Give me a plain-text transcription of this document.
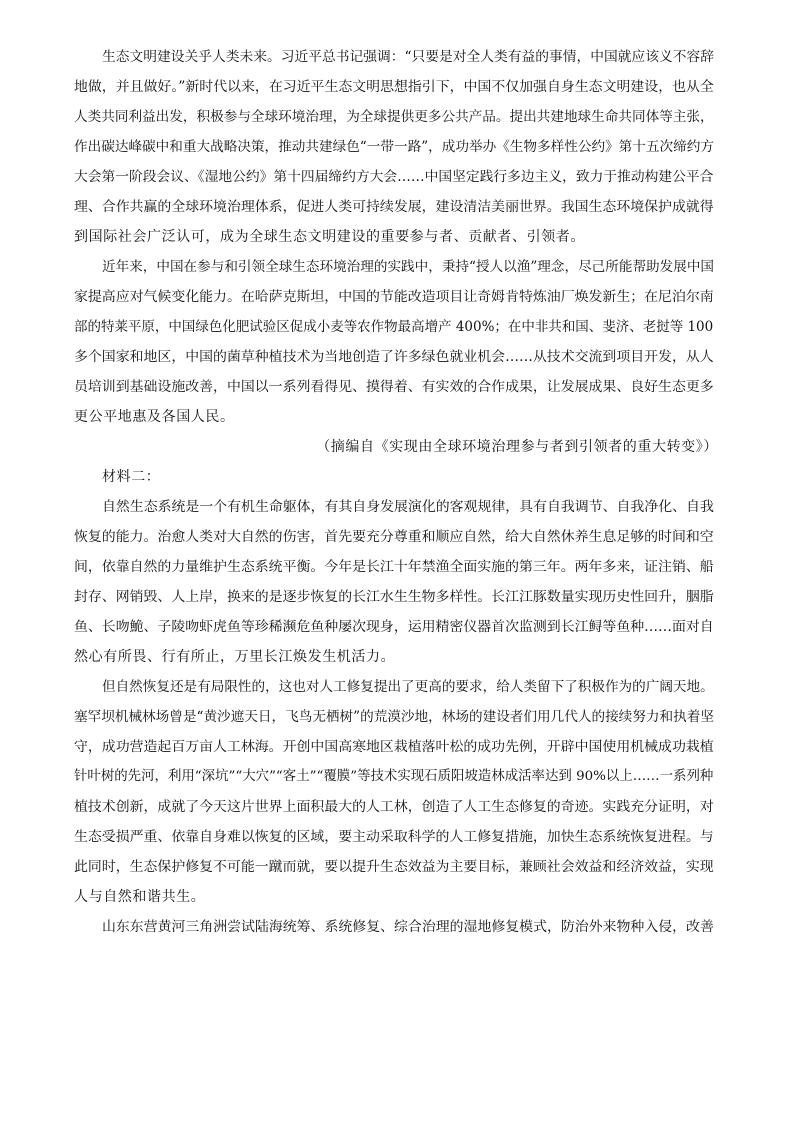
生态文明建设关乎人类未来。习近平总书记强调：“只要是对全人类有益的事情，中国就应该义不容辞
地做，并且做好。”新时代以来，在习近平生态文明思想指引下，中国不仅加强自身生态文明建设，也从全
人类共同利益出发，积极参与全球环境治理，为全球提供更多公共产品。提出共建地球生命共同体等主张，
作出碳达峰碳中和重大战略决策，推动共建绿色“一带一路”，成功举办《生物多样性公约》第十五次缔约方
大会第一阶段会议、《湿地公约》第十四届缔约方大会……中国坚定践行多边主义，致力于推动构建公平合
理、合作共赢的全球环境治理体系，促进人类可持续发展，建设清洁美丽世界。我国生态环境保护成就得
到国际社会广泛认可，成为全球生态文明建设的重要参与者、贡献者、引领者。
近年来，中国在参与和引领全球生态环境治理的实践中，秉持“授人以渔”理念，尽己所能帮助发展中国
家提高应对气候变化能力。在哈萨克斯坦，中国的节能改造项目让奇姆肯特炼油厂焕发新生；在尼泊尔南
部的特莱平原，中国绿色化肥试验区促成小麦等农作物最高增产 400%；在中非共和国、斐济、老挝等 100
多个国家和地区，中国的菌草种植技术为当地创造了许多绿色就业机会……从技术交流到项目开发，从人
员培训到基础设施改善，中国以一系列看得见、摸得着、有实效的合作成果，让发展成果、良好生态更多
更公平地惠及各国人民。
（摘编自《实现由全球环境治理参与者到引领者的重大转变》）
材料二：
自然生态系统是一个有机生命躯体，有其自身发展演化的客观规律，具有自我调节、自我净化、自我
恢复的能力。治愈人类对大自然的伤害，首先要充分尊重和顺应自然，给大自然休养生息足够的时间和空
间，依靠自然的力量维护生态系统平衡。今年是长江十年禁渔全面实施的第三年。两年多来，证注销、船
封存、网销毁、人上岸，换来的是逐步恢复的长江水生生物多样性。长江江豚数量实现历史性回升，胭脂
鱼、长吻鮠、子陵吻虾虎鱼等珍稀濒危鱼种屡次现身，运用精密仪器首次监测到长江鲟等鱼种……面对自
然心有所畏、行有所止，万里长江焕发生机活力。
但自然恢复还是有局限性的，这也对人工修复提出了更高的要求，给人类留下了积极作为的广阔天地。
塞罕坝机械林场曾是“黄沙遮天日，飞鸟无栖树”的荒漠沙地，林场的建设者们用几代人的接续努力和执着坚
守，成功营造起百万亩人工林海。开创中国高寒地区栽植落叶松的成功先例，开辟中国使用机械成功栽植
针叶树的先河，利用“深坑”“大穴”“客土”“覆膜”等技术实现石质阳坡造林成活率达到 90%以上……一系列种
植技术创新，成就了今天这片世界上面积最大的人工林，创造了人工生态修复的奇迹。实践充分证明，对
生态受损严重、依靠自身难以恢复的区域，要主动采取科学的人工修复措施，加快生态系统恢复进程。与
此同时，生态保护修复不可能一蹴而就，要以提升生态效益为主要目标，兼顾社会效益和经济效益，实现
人与自然和谐共生。
山东东营黄河三角洲尝试陆海统筹、系统修复、综合治理的湿地修复模式，防治外来物种入侵，改善
